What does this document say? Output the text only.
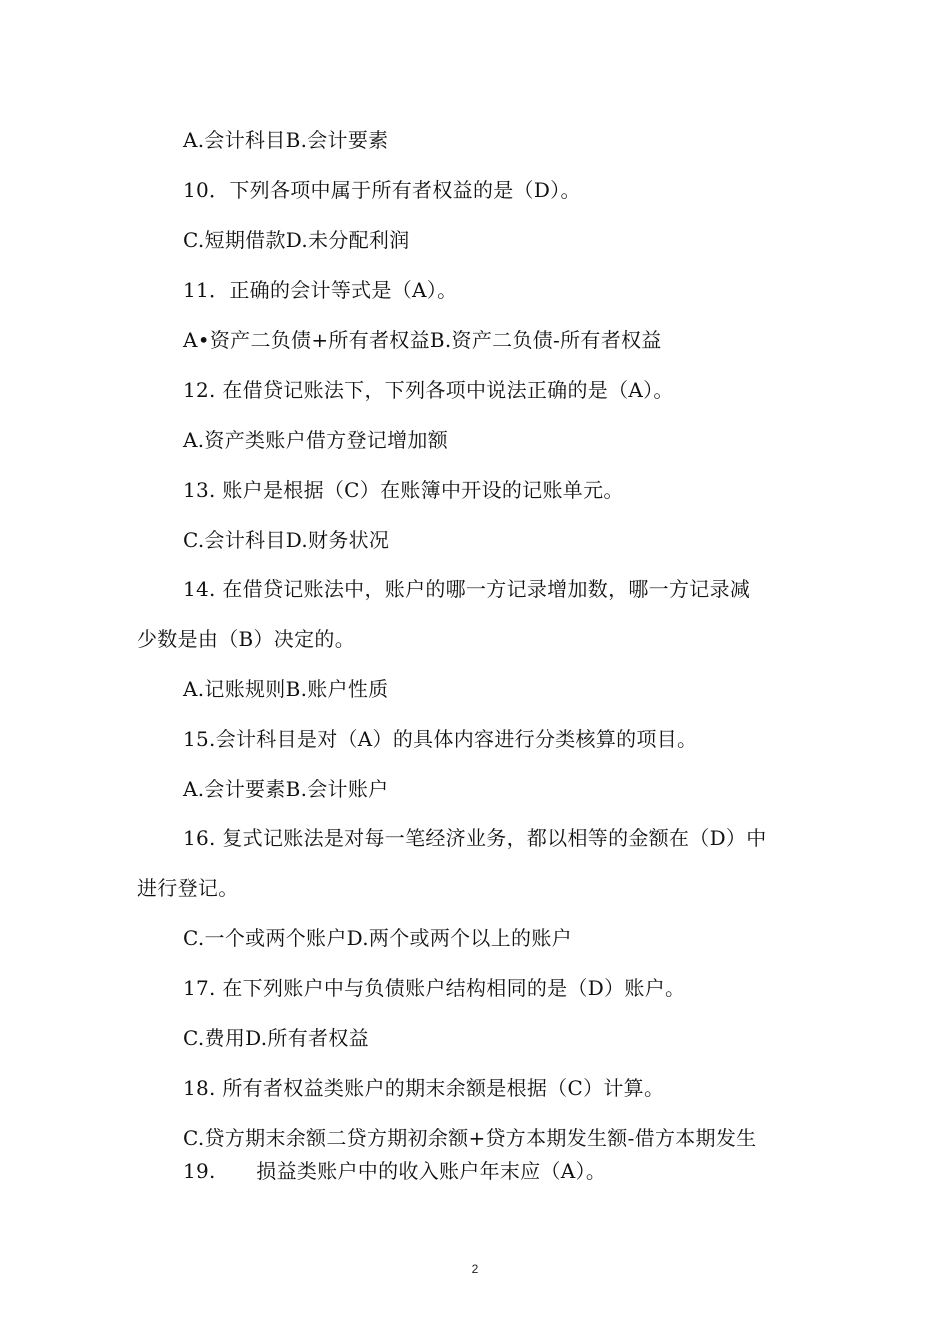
A.会计科目B.会计要素
10．下列各项中属于所有者权益的是（D）。
C.短期借款D.未分配利润
11．正确的会计等式是（A）。
A•资产二负债+所有者权益B.资产二负债-所有者权益
12. 在借贷记账法下，下列各项中说法正确的是（A）。
A.资产类账户借方登记增加额
13. 账户是根据（C）在账簿中开设的记账单元。
C.会计科目D.财务状况
14. 在借贷记账法中，账户的哪一方记录增加数，哪一方记录减
少数是由（B）决定的。
A.记账规则B.账户性质
15.会计科目是对（A）的具体内容进行分类核算的项目。
A.会计要素B.会计账户
16. 复式记账法是对每一笔经济业务，都以相等的金额在（D）中
进行登记。
C.一个或两个账户D.两个或两个以上的账户
17. 在下列账户中与负债账户结构相同的是（D）账户。
C.费用D.所有者权益
18. 所有者权益类账户的期末余额是根据（C）计算。
C.贷方期末余额二贷方期初余额+贷方本期发生额-借方本期发生
19.　　损益类账户中的收入账户年末应（A）。
2
